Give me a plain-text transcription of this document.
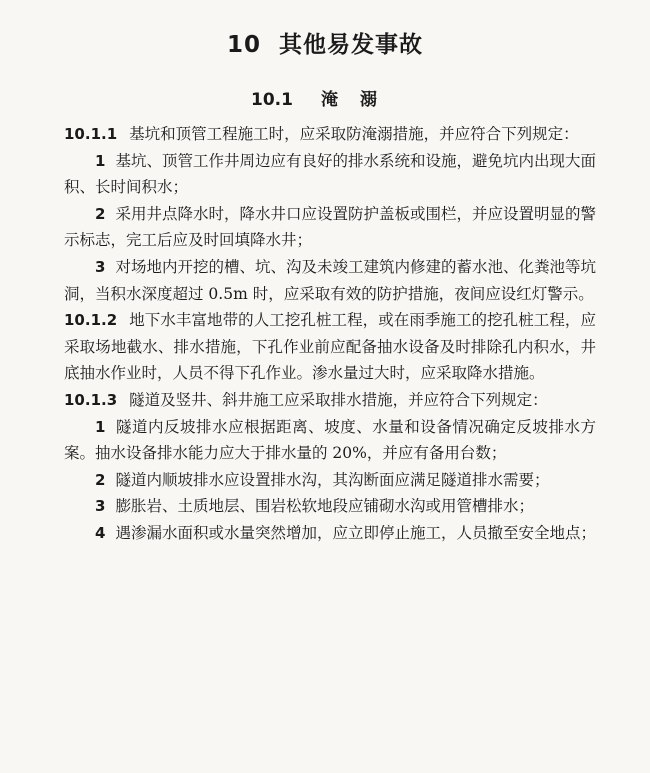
10 其他易发事故
10.1 淹溺

10.1.1 基坑和顶管工程施工时，应采取防淹溺措施，并应符合下列规定：

1 基坑、顶管工作井周边应有良好的排水系统和设施，避免坑内出现大面积、长时间积水；

2 采用井点降水时，降水井口应设置防护盖板或围栏，并应设置明显的警示标志，完工后应及时回填降水井；

3 对场地内开挖的槽、坑、沟及未竣工建筑内修建的蓄水池、化粪池等坑洞，当积水深度超过 0.5m 时，应采取有效的防护措施，夜间应设红灯警示。

10.1.2 地下水丰富地带的人工挖孔桩工程，或在雨季施工的挖孔桩工程，应采取场地截水、排水措施，下孔作业前应配备抽水设备及时排除孔内积水，井底抽水作业时，人员不得下孔作业。渗水量过大时，应采取降水措施。

10.1.3 隧道及竖井、斜井施工应采取排水措施，并应符合下列规定：

1 隧道内反坡排水应根据距离、坡度、水量和设备情况确定反坡排水方案。抽水设备排水能力应大于排水量的 20%，并应有备用台数；

2 隧道内顺坡排水应设置排水沟，其沟断面应满足隧道排水需要；

3 膨胀岩、土质地层、围岩松软地段应铺砌水沟或用管槽排水；

4 遇渗漏水面积或水量突然增加，应立即停止施工，人员撤至安全地点；
